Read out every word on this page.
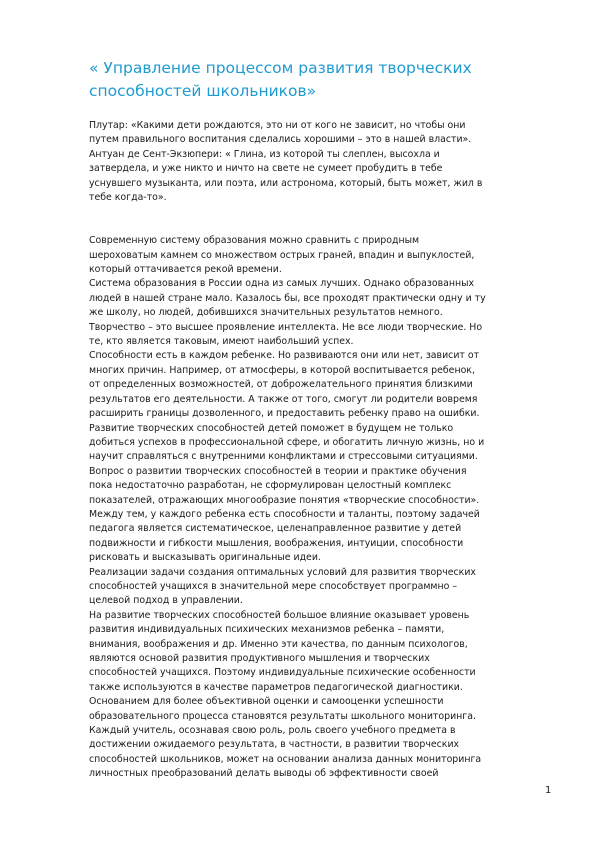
« Управление процессом развития творческих
способностей школьников»

Плутар: «Какими дети рождаются, это ни от кого не зависит, но чтобы они
путем правильного воспитания сделались хорошими – это в нашей власти».
Антуан де Сент-Экзюпери: « Глина, из которой ты слеплен, высохла и
затвердела, и уже никто и ничто на свете не сумеет пробудить в тебе
уснувшего музыканта, или поэта, или астронома, который, быть может, жил в
тебе когда-то».

Современную систему образования можно сравнить с природным
шероховатым камнем со множеством острых граней, впадин и выпуклостей,
который оттачивается рекой времени.
Система образования в России одна из самых лучших. Однако образованных
людей в нашей стране мало. Казалось бы, все проходят практически одну и ту
же школу, но людей, добившихся значительных результатов немного.
Творчество – это высшее проявление интеллекта. Не все люди творческие. Но
те, кто является таковым, имеют наибольший успех.
Способности есть в каждом ребенке. Но развиваются они или нет, зависит от
многих причин. Например, от атмосферы, в которой воспитывается ребенок,
от определенных возможностей, от доброжелательного принятия близкими
результатов его деятельности. А также от того, смогут ли родители вовремя
расширить границы дозволенного, и предоставить ребенку право на ошибки.
Развитие творческих способностей детей поможет в будущем не только
добиться успехов в профессиональной сфере, и обогатить личную жизнь, но и
научит справляться с внутренними конфликтами и стрессовыми ситуациями.
Вопрос о развитии творческих способностей в теории и практике обучения
пока недостаточно разработан, не сформулирован целостный комплекс
показателей, отражающих многообразие понятия «творческие способности».
Между тем, у каждого ребенка есть способности и таланты, поэтому задачей
педагога является систематическое, целенаправленное развитие у детей
подвижности и гибкости мышления, воображения, интуиции, способности
рисковать и высказывать оригинальные идеи.
Реализации задачи создания оптимальных условий для развития творческих
способностей учащихся в значительной мере способствует программно –
целевой подход в управлении.
На развитие творческих способностей большое влияние оказывает уровень
развития индивидуальных психических механизмов ребенка – памяти,
внимания, воображения и др. Именно эти качества, по данным психологов,
являются основой развития продуктивного мышления и творческих
способностей учащихся. Поэтому индивидуальные психические особенности
также используются в качестве параметров педагогической диагностики.
Основанием для более объективной оценки и самооценки успешности
образовательного процесса становятся результаты школьного мониторинга.
Каждый учитель, осознавая свою роль, роль своего учебного предмета в
достижении ожидаемого результата, в частности, в развитии творческих
способностей школьников, может на основании анализа данных мониторинга
личностных преобразований делать выводы об эффективности своей

1
